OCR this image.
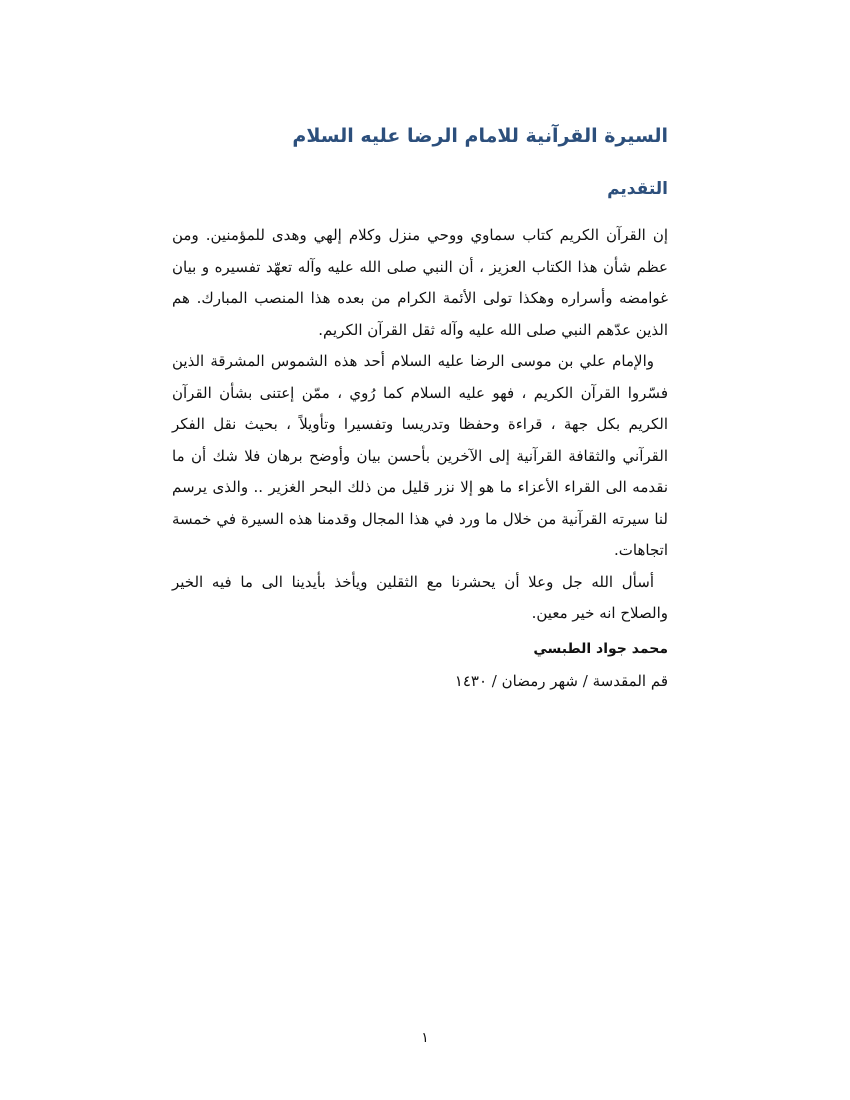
السيرة القرآنية للامام الرضا عليه السلام
التقديم

إن القرآن الكريم كتاب سماوي ووحي منزل وكلام إلهي وهدى للمؤمنين. ومن عظم شأن هذا الكتاب العزيز ، أن النبي صلى الله عليه وآله تعهّد تفسيره و بيان غوامضه وأسراره وهكذا تولى الأئمة الكرام من بعده هذا المنصب المبارك. هم الذين عدّهم النبي صلى الله عليه وآله ثقل القرآن الكريم.

والإمام علي بن موسى الرضا عليه السلام أحد هذه الشموس المشرقة الذين فسّروا القرآن الكريم ، فهو عليه السلام كما رُوي ، ممّن إعتنى بشأن القرآن الكريم بكل جهة ، قراءة وحفظا وتدريسا وتفسيرا وتأويلاً ، بحيث نقل الفكر القرآني والثقافة القرآنية إلى الآخرين بأحسن بيان وأوضح برهان فلا شك أن ما نقدمه الى القراء الأعزاء ما هو إلا نزر قليل من ذلك البحر الغزير .. والذى يرسم لنا سيرته القرآنية من خلال ما ورد في هذا المجال وقدمنا هذه السيرة في خمسة اتجاهات.

أسأل الله جل وعلا أن يحشرنا مع الثقلين ويأخذ بأيدينا الى ما فيه الخير والصلاح انه خير معين.

محمد جواد الطبسي
قم المقدسة / شهر رمضان / ١٤٣٠
١
